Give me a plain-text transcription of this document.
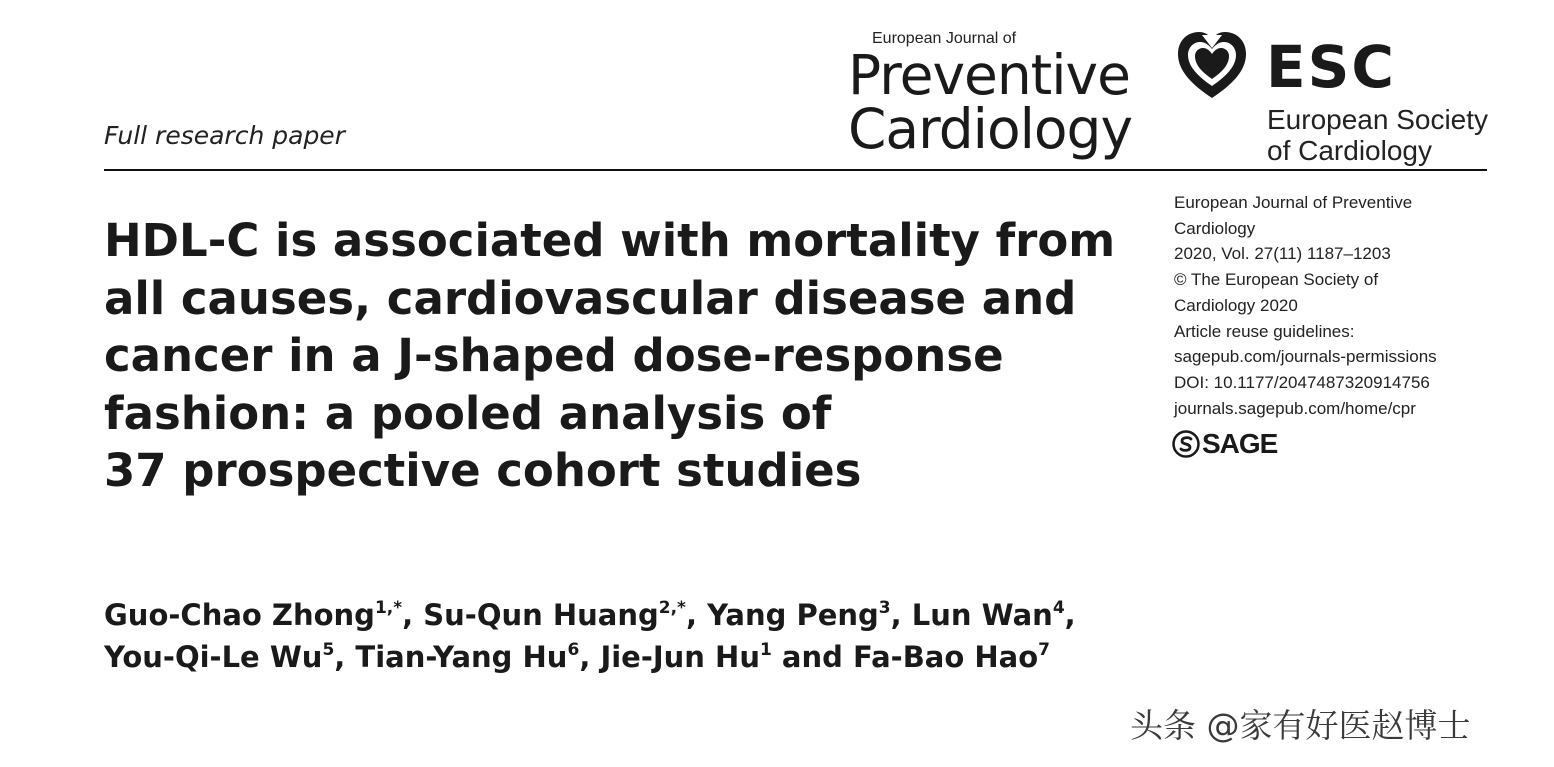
Full research paper
European Journal of
Preventive
Cardiology
ESC
European Society
of Cardiology
HDL-C is associated with mortality from
all causes, cardiovascular disease and
cancer in a J-shaped dose-response
fashion: a pooled analysis of
37 prospective cohort studies
European Journal of Preventive
Cardiology
2020, Vol. 27(11) 1187–1203
© The European Society of
Cardiology 2020
Article reuse guidelines:
sagepub.com/journals-permissions
DOI: 10.1177/2047487320914756
journals.sagepub.com/home/cpr
SAGE
Guo-Chao Zhong$^{1,*}$, Su-Qun Huang$^{2,*}$, Yang Peng$^3$, Lun Wan$^4$,
You-Qi-Le Wu$^5$, Tian-Yang Hu$^6$, Jie-Jun Hu$^1$ and Fa-Bao Hao$^7$
头条 @家有好医赵博士
